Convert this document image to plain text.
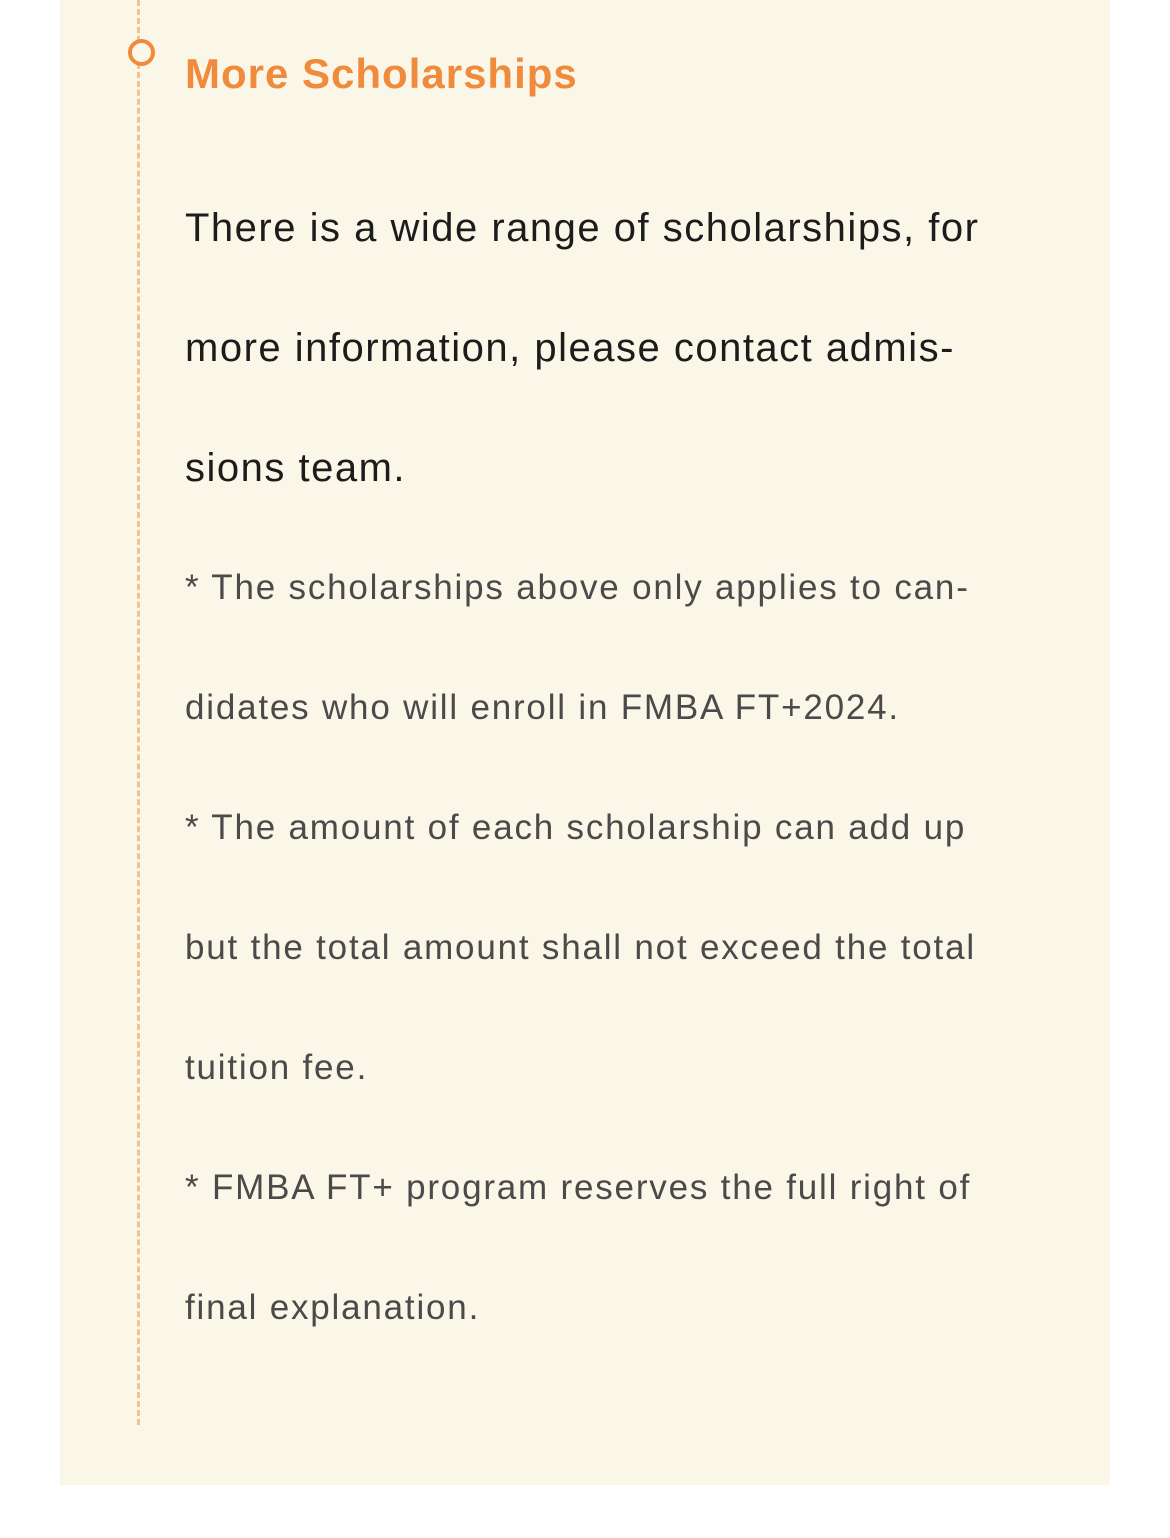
More Scholarships

There is a wide range of scholarships, for
more information, please contact admis-
sions team.

* The scholarships above only applies to can-
didates who will enroll in FMBA FT+2024.
* The amount of each scholarship can add up
but the total amount shall not exceed the total
tuition fee.
* FMBA FT+ program reserves the full right of
final explanation.
